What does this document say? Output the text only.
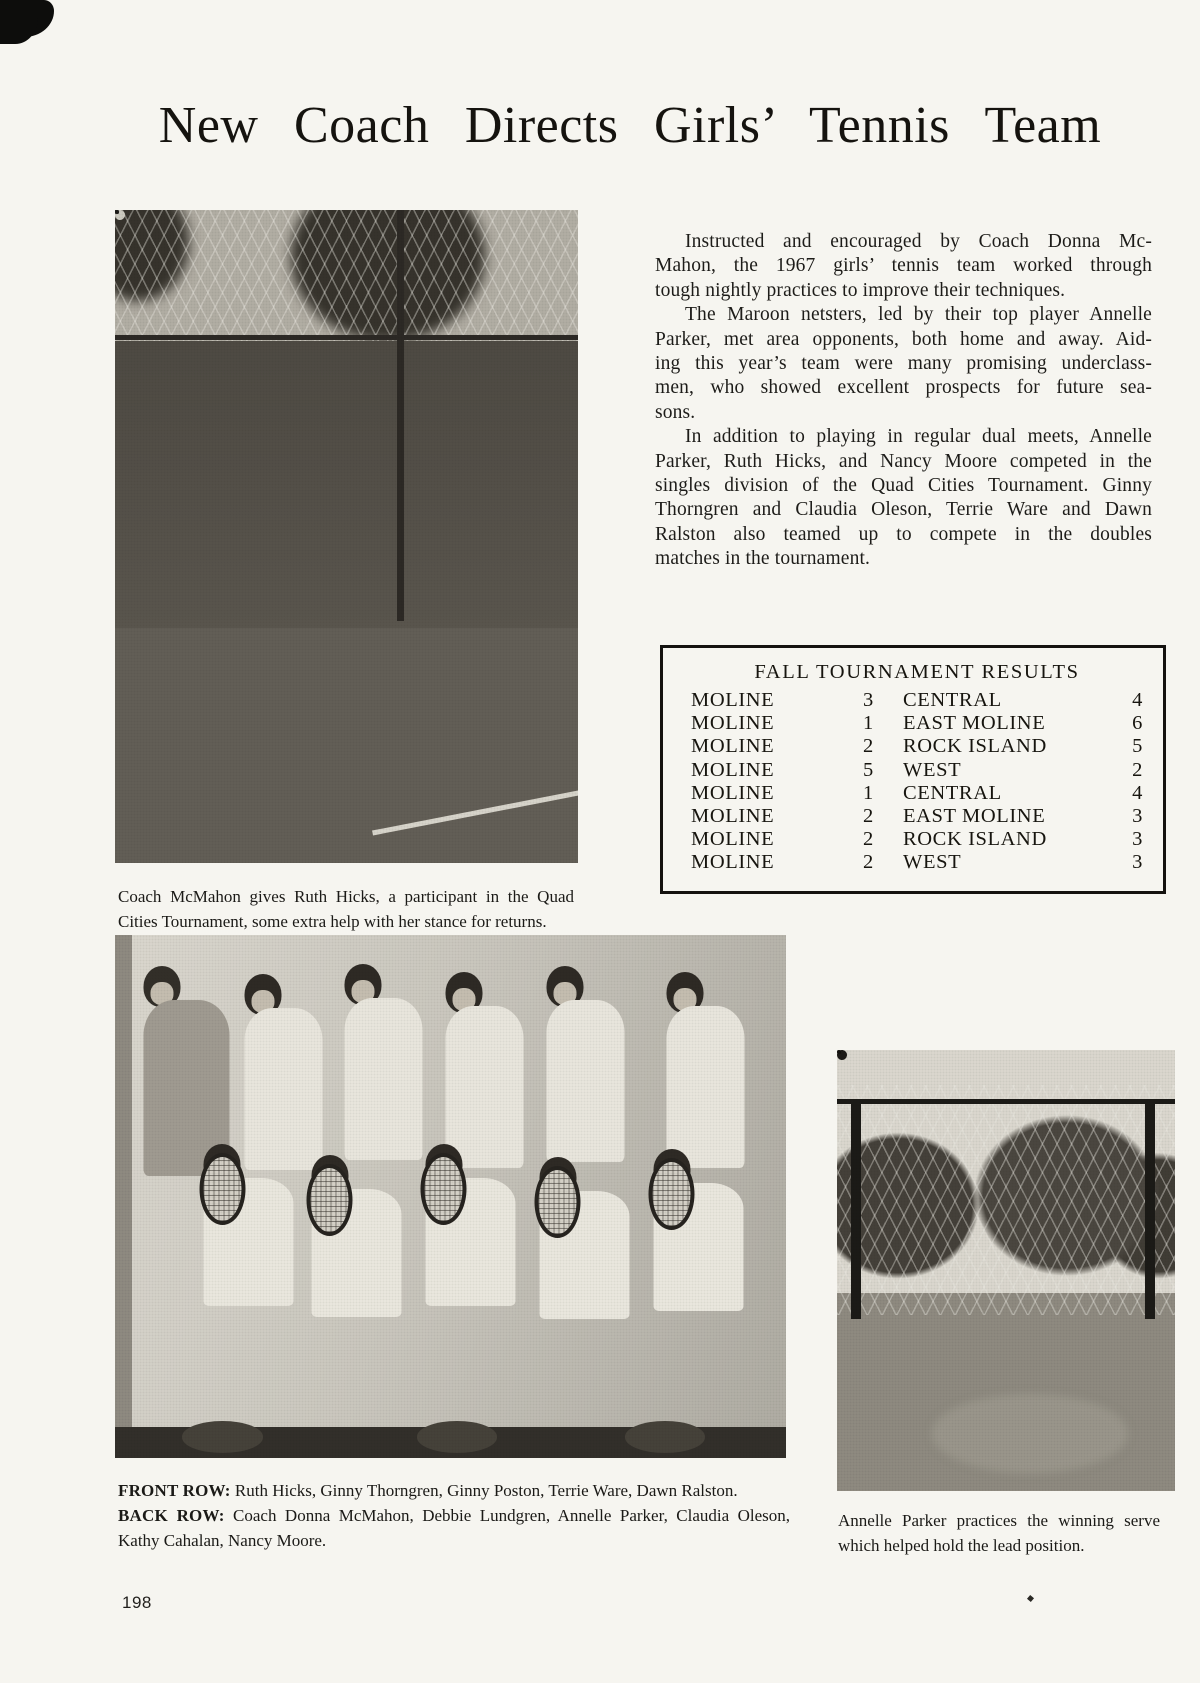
New Coach Directs Girls’ Tennis Team

Coach McMahon gives Ruth Hicks, a participant in the Quad Cities Tournament, some extra help with her stance for returns.

Instructed and encouraged by Coach Donna Mc-
Mahon, the 1967 girls’ tennis team worked through
tough nightly practices to improve their techniques.
The Maroon netsters, led by their top player Annelle
Parker, met area opponents, both home and away. Aid-
ing this year’s team were many promising underclass-
men, who showed excellent prospects for future sea-
sons.
In addition to playing in regular dual meets, Annelle
Parker, Ruth Hicks, and Nancy Moore competed in the
singles division of the Quad Cities Tournament. Ginny
Thorngren and Claudia Oleson, Terrie Ware and Dawn
Ralston also teamed up to compete in the doubles
matches in the tournament.
FALL TOURNAMENT RESULTS
MOLINE	3	CENTRAL	4
MOLINE	1	EAST MOLINE	6
MOLINE	2	ROCK ISLAND	5
MOLINE	5	WEST	2
MOLINE	1	CENTRAL	4
MOLINE	2	EAST MOLINE	3
MOLINE	2	ROCK ISLAND	3
MOLINE	2	WEST	3

FRONT ROW: Ruth Hicks, Ginny Thorngren, Ginny Poston, Terrie Ware, Dawn Ralston.
BACK ROW: Coach Donna McMahon, Debbie Lundgren, Annelle Parker, Claudia Oleson, Kathy Cahalan, Nancy Moore.

Annelle Parker practices the winning serve which helped hold the lead position.

198
